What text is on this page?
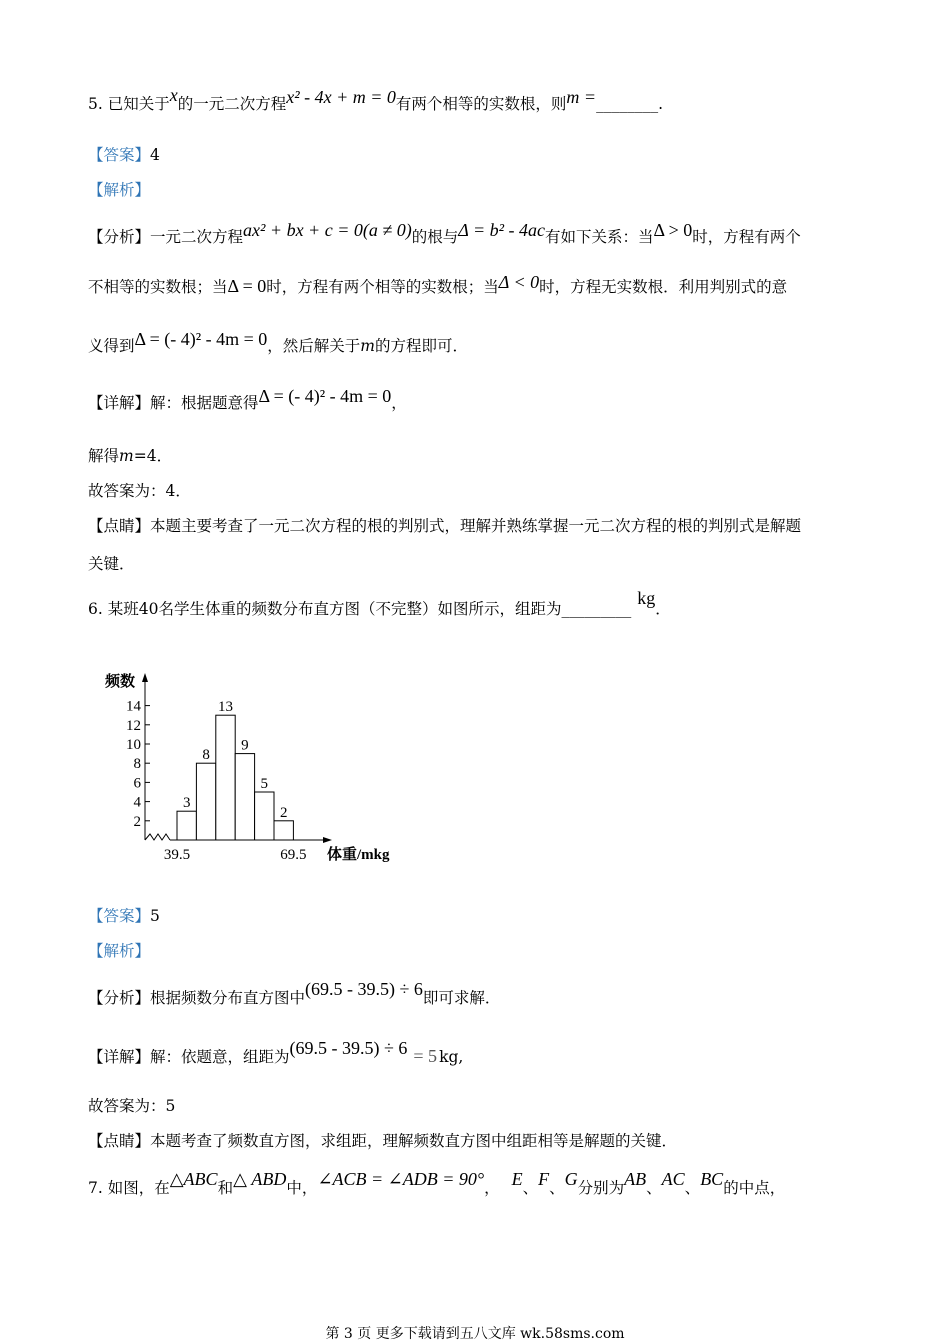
5. 已知关于x的一元二次方程x² - 4x + m = 0有两个相等的实数根，则m =________.
【答案】4
【解析】
【分析】一元二次方程ax² + bx + c = 0(a ≠ 0)的根与Δ = b² - 4ac有如下关系：当Δ > 0时，方程有两个
不相等的实数根；当Δ = 0时，方程有两个相等的实数根；当Δ < 0时，方程无实数根．利用判别式的意
义得到Δ = (- 4)² - 4m = 0，然后解关于m的方程即可．
【详解】解：根据题意得Δ = (- 4)² - 4m = 0，
解得m=4．
故答案为：4．
【点睛】本题主要考查了一元二次方程的根的判别式，理解并熟练掌握一元二次方程的根的判别式是解题
关键．
6. 某班40名学生体重的频数分布直方图（不完整）如图所示，组距为_________kg．
频数
体重/mkg
2
4
6
8
10
12
14
3
8
13
9
5
2
39.5	69.5
【答案】5
【解析】
【分析】根据频数分布直方图中(69.5 - 39.5) ÷ 6即可求解．
【详解】解：依题意，组距为(69.5 - 39.5) ÷ 6 = 5 kg,
故答案为：5
【点睛】本题考查了频数直方图，求组距，理解频数直方图中组距相等是解题的关键．
7. 如图，在△ABC和△ ABD中，∠ACB = ∠ADB = 90°， E、F、G分别为AB、AC、BC的中点，
第 3 页 更多下载请到五八文库 wk.58sms.com
